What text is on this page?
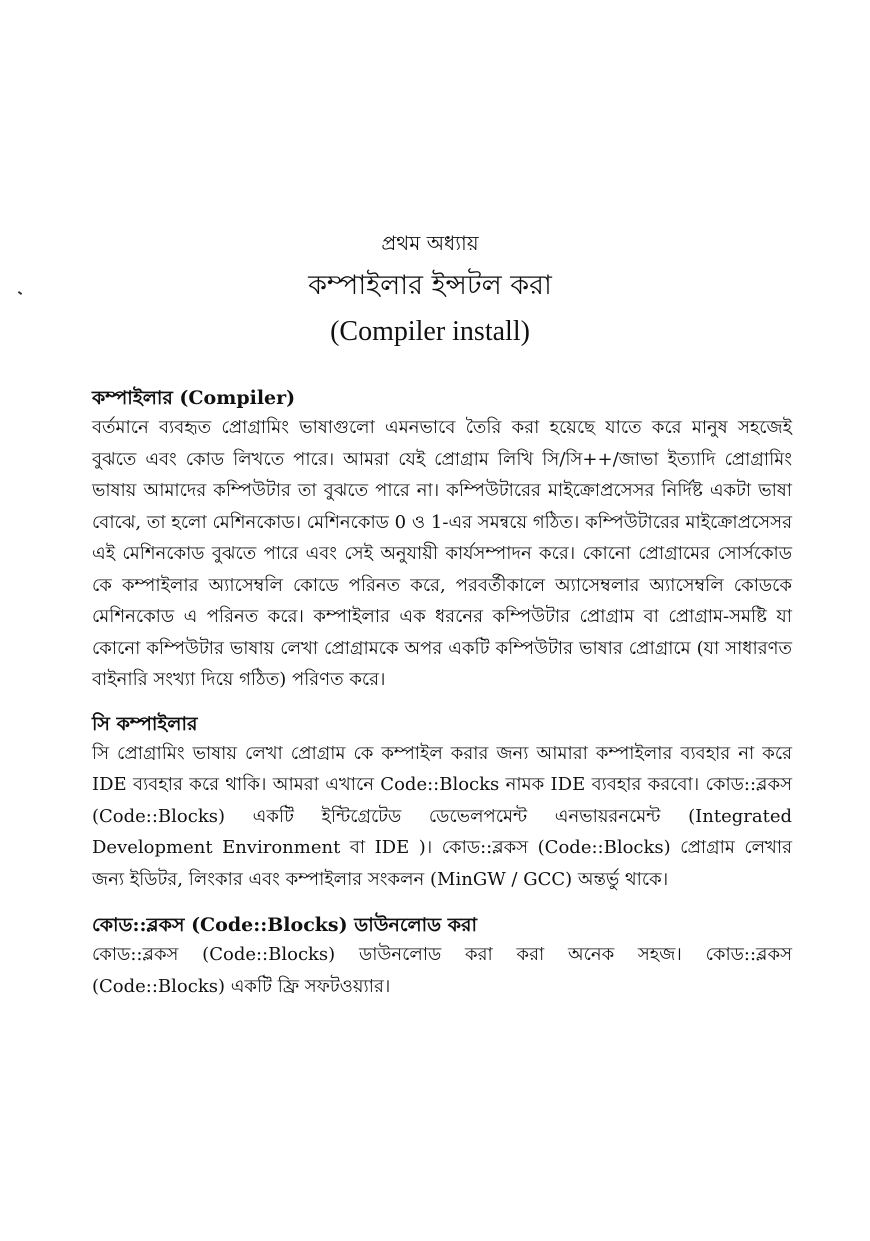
প্রথম অধ্যায়
কম্পাইলার ইন্সটল করা
(Compiler install)
কম্পাইলার (Compiler)

বর্তমানে ব্যবহৃত প্রোগ্রামিং ভাষাগুলো এমনভাবে তৈরি করা হয়েছে যাতে করে মানুষ সহজেই বুঝতে এবং কোড লিখতে পারে। আমরা যেই প্রোগ্রাম লিখি সি/সি++/জাভা ইত্যাদি প্রোগ্রামিং ভাষায় আমাদের কম্পিউটার তা বুঝতে পারে না। কম্পিউটারের মাইক্রোপ্রসেসর নির্দিষ্ট একটা ভাষা বোঝে, তা হলো মেশিনকোড। মেশিনকোড 0 ও 1-এর সমন্বয়ে গঠিত। কম্পিউটারের মাইক্রোপ্রসেসর এই মেশিনকোড বুঝতে পারে এবং সেই অনুযায়ী কার্যসম্পাদন করে। কোনো প্রোগ্রামের সোর্সকোড কে কম্পাইলার অ্যাসেম্বলি কোডে পরিনত করে, পরবর্তীকালে অ্যাসেম্বলার অ্যাসেম্বলি কোডকে মেশিনকোড এ পরিনত করে। কম্পাইলার এক ধরনের কম্পিউটার প্রোগ্রাম বা প্রোগ্রাম-সমষ্টি যা কোনো কম্পিউটার ভাষায় লেখা প্রোগ্রামকে অপর একটি কম্পিউটার ভাষার প্রোগ্রামে (যা সাধারণত বাইনারি সংখ্যা দিয়ে গঠিত) পরিণত করে।

সি কম্পাইলার

সি প্রোগ্রামিং ভাষায় লেখা প্রোগ্রাম কে কম্পাইল করার জন্য আমারা কম্পাইলার ব্যবহার না করে IDE ব্যবহার করে থাকি। আমরা এখানে Code::Blocks নামক IDE ব্যবহার করবো। কোড::ব্লকস (Code::Blocks) একটি ইন্টিগ্রেটেড ডেভেলপমেন্ট এনভায়রনমেন্ট (Integrated Development Environment বা IDE )। কোড::ব্লকস (Code::Blocks) প্রোগ্রাম লেখার জন্য ইডিটর, লিংকার এবং কম্পাইলার সংকলন (MinGW / GCC) অন্তর্ভু থাকে।

কোড::ব্লকস (Code::Blocks) ডাউনলোড করা

কোড::ব্লকস (Code::Blocks) ডাউনলোড করা করা অনেক সহজ। কোড::ব্লকস (Code::Blocks) একটি ফ্রি সফটওয়্যার।
